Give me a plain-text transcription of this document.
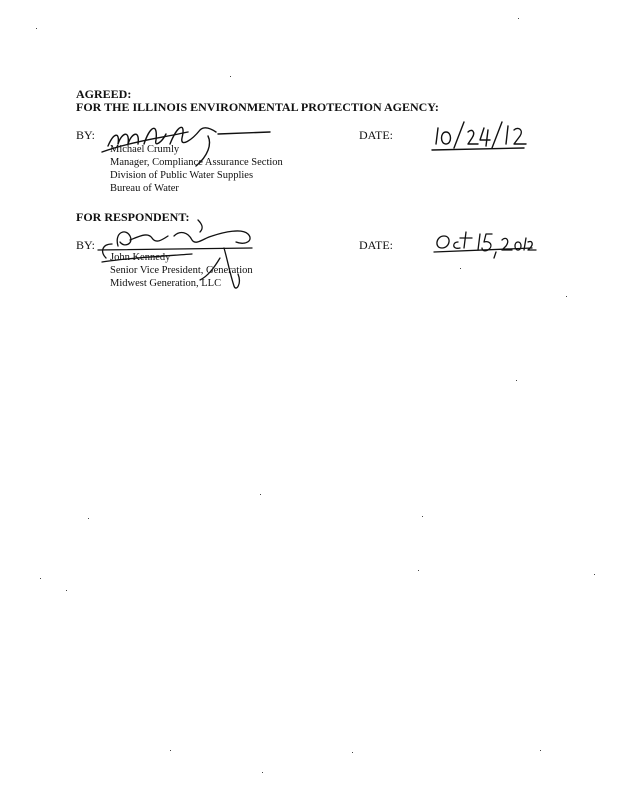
AGREED:
FOR THE ILLINOIS ENVIRONMENTAL PROTECTION AGENCY:
BY:
Michael Crumly
Manager, Compliance Assurance Section
Division of Public Water Supplies
Bureau of Water
DATE:
FOR RESPONDENT:
BY:
John Kennedy
Senior Vice President, Generation
Midwest Generation, LLC
DATE:
